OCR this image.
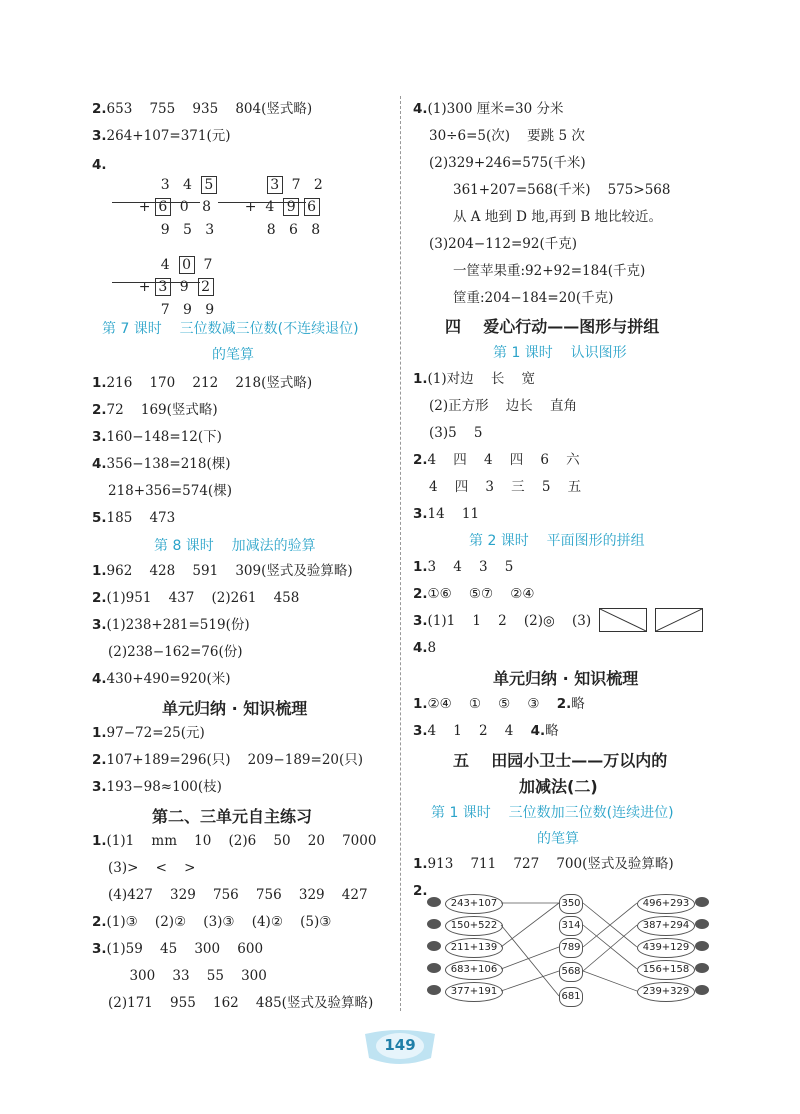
2.653    755    935    804(竖式略)
3.264+107=371(元)
4.

3 4 5

+ 6 0 8

9 5 3

3 7 2

+  4 9 6

8 6 8

4 0 7

+ 3 9 2

7 9 9

第 7 课时    三位数减三位数(不连续退位)
的笔算
1.216    170    212    218(竖式略)
2.72    169(竖式略)
3.160−148=12(下)
4.356−138=218(棵)
218+356=574(棵)
5.185    473
第 8 课时    加减法的验算
1.962    428    591    309(竖式及验算略)
2.(1)951    437    (2)261    458
3.(1)238+281=519(份)
(2)238−162=76(份)
4.430+490=920(米)
单元归纳 · 知识梳理
1.97−72=25(元)
2.107+189=296(只)    209−189=20(只)
3.193−98≈100(枝)
第二、三单元自主练习
1.(1)1    mm    10    (2)6    50    20    7000
(3)>    <    >
(4)427    329    756    756    329    427
2.(1)③    (2)②    (3)③    (4)②    (5)③
3.(1)59    45    300    600
300    33    55    300
(2)171    955    162    485(竖式及验算略)
4.(1)300 厘米=30 分米
30÷6=5(次)    要跳 5 次
(2)329+246=575(千米)
361+207=568(千米)    575>568
从 A 地到 D 地,再到 B 地比较近。
(3)204−112=92(千克)
一筐苹果重:92+92=184(千克)
筐重:204−184=20(千克)
四    爱心行动——图形与拼组
第 1 课时    认识图形
1.(1)对边    长    宽
(2)正方形    边长    直角
(3)5    5
2.4    四    4    四    6    六
4    四    3    三    5    五
3.14    11
第 2 课时    平面图形的拼组
1.3    4    3    5
2.①⑥    ⑤⑦    ②④
3.(1)1    1    2    (2)◎    (3)
4.8
单元归纳 · 知识梳理
1.②④    ①    ⑤    ③    2.略
3.4    1    2    4    4.略
五    田园小卫士——万以内的
加减法(二)
第 1 课时    三位数加三位数(连续进位)
的笔算
1.913    711    727    700(竖式及验算略)
2.
243+107
150+522
211+139
683+106
377+191
350
314
789
568
681
496+293
387+294
439+129
156+158
239+329
149
